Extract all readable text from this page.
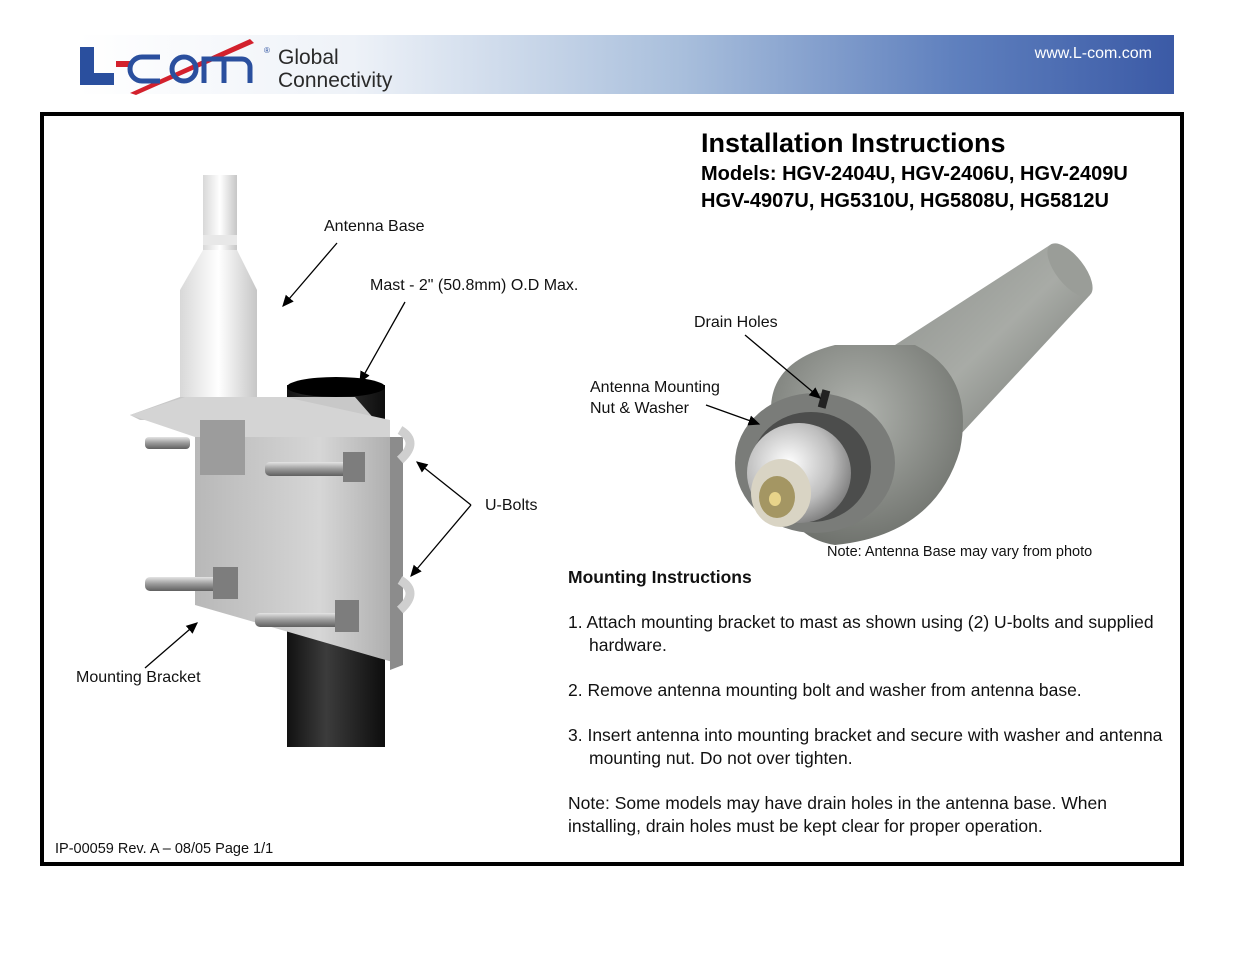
® Global
Connectivity
www.L-com.com
Installation Instructions
Models: HGV-2404U, HGV-2406U, HGV-2409U
HGV-4907U, HG5310U, HG5808U, HG5812U
Antenna Base
Mast - 2" (50.8mm) O.D Max.
U-Bolts
Mounting Bracket
Drain Holes
Antenna Mounting
Nut & Washer
Note: Antenna Base may vary from photo
Mounting Instructions
1. Attach mounting bracket to mast as shown using (2) U-bolts and supplied hardware.
2. Remove antenna mounting bolt and washer from antenna base.
3. Insert antenna into mounting bracket and secure with washer and antenna mounting nut. Do not over tighten.
Note: Some models may have drain holes in the antenna base. When installing, drain holes must be kept clear for proper operation.
IP-00059 Rev. A – 08/05 Page 1/1
